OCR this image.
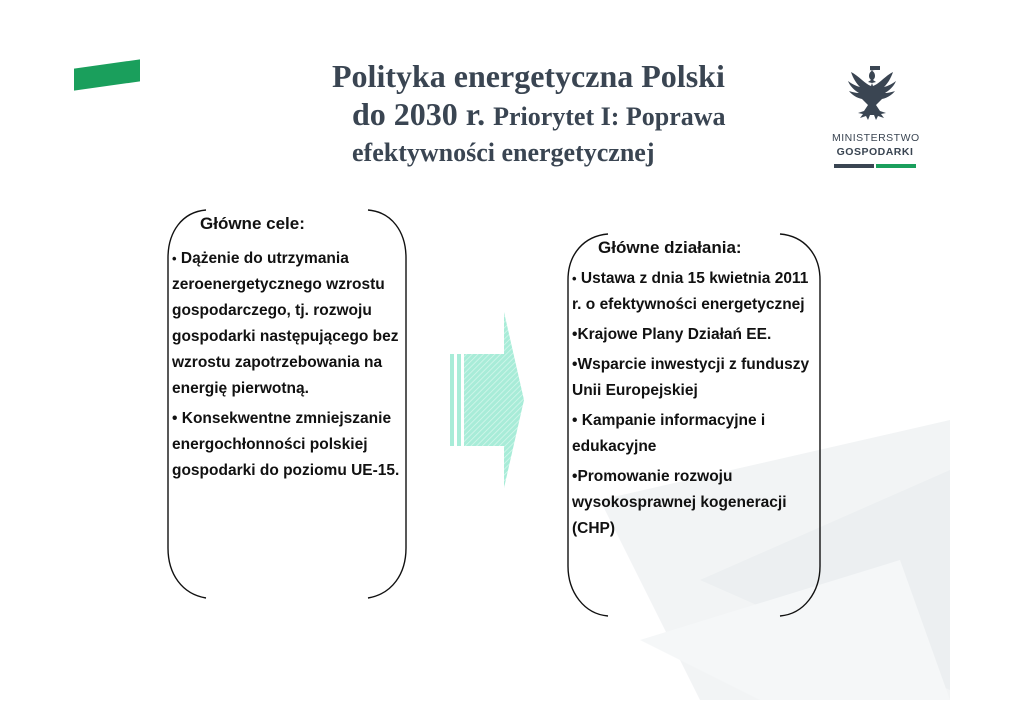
Polityka energetyczna Polski
do 2030 r. Priorytet I: Poprawa
efektywności energetycznej	MINISTERSTWO
GOSPODARKI
Główne cele:
• Dążenie do utrzymania zeroenergetycznego wzrostu gospodarczego, tj. rozwoju gospodarki następującego bez wzrostu zapotrzebowania na energię pierwotną.
• Konsekwentne zmniejszanie energochłonności polskiej gospodarki do poziomu UE-15.
Główne działania:
• Ustawa z dnia 15 kwietnia 2011 r. o efektywności energetycznej
•Krajowe Plany Działań EE.
•Wsparcie inwestycji z funduszy Unii Europejskiej
• Kampanie informacyjne i edukacyjne
•Promowanie rozwoju wysokosprawnej kogeneracji (CHP)
